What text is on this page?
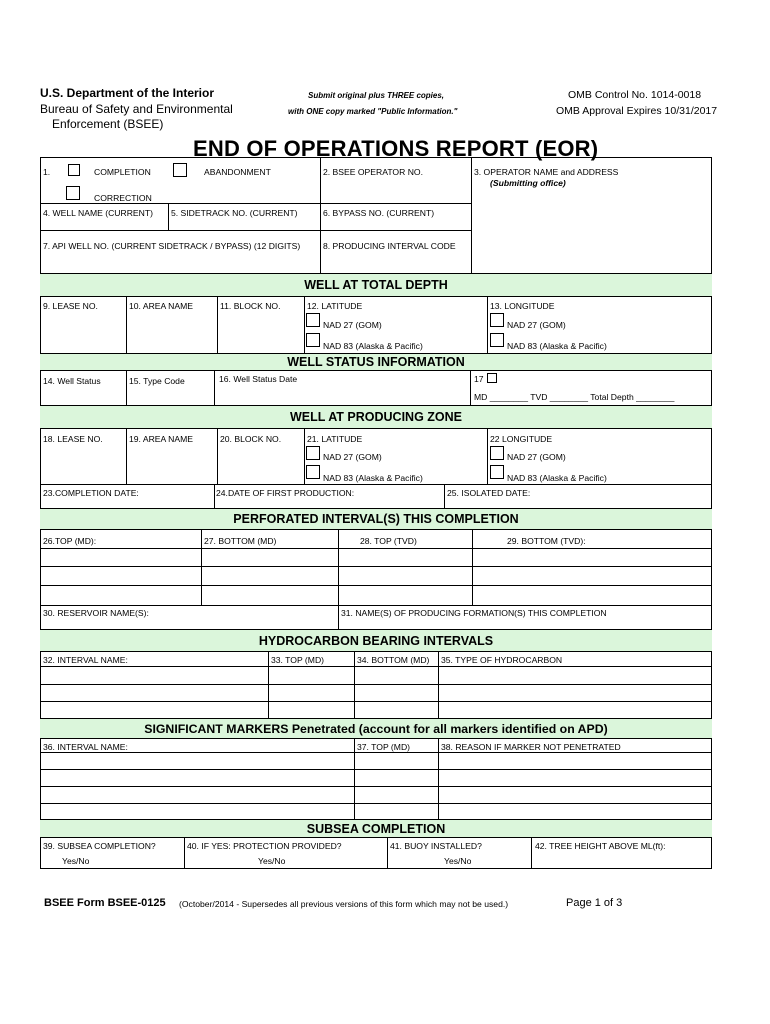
U.S. Department of the Interior
Bureau of Safety and Environmental
Enforcement (BSEE)
Submit original plus THREE copies,
with ONE copy marked "Public Information."
OMB Control No. 1014-0018
OMB Approval Expires 10/31/2017
END OF OPERATIONS REPORT (EOR)
1.	COMPLETION	ABANDONMENT
CORRECTION
2. BSEE OPERATOR NO.	3. OPERATOR NAME and ADDRESS
(Submitting office)
4. WELL NAME (CURRENT) 5. SIDETRACK NO. (CURRENT)	6. BYPASS NO. (CURRENT)
7. API WELL NO. (CURRENT SIDETRACK / BYPASS) (12 DIGITS)	8. PRODUCING INTERVAL CODE
WELL AT TOTAL DEPTH
9. LEASE NO.	10. AREA NAME	11. BLOCK NO.	12. LATITUDE	13. LONGITUDE
NAD 27 (GOM)
NAD 83 (Alaska & Pacific)
NAD 27 (GOM)
NAD 83 (Alaska & Pacific)
WELL STATUS INFORMATION
14. Well Status	15. Type Code	16. Well Status Date	17
MD ________ TVD ________ Total Depth ________
WELL AT PRODUCING ZONE
18. LEASE NO.	19. AREA NAME	20. BLOCK NO.	21. LATITUDE	22 LONGITUDE
NAD 27 (GOM)
NAD 83 (Alaska & Pacific)
NAD 27 (GOM)
NAD 83 (Alaska & Pacific)
23.COMPLETION DATE:	24.DATE OF FIRST PRODUCTION:	25. ISOLATED DATE:
PERFORATED INTERVAL(S) THIS COMPLETION
26.TOP (MD):	27. BOTTOM (MD)	28. TOP (TVD)	29. BOTTOM (TVD):
30. RESERVOIR NAME(S):	31. NAME(S) OF PRODUCING FORMATION(S) THIS COMPLETION
HYDROCARBON BEARING INTERVALS
32. INTERVAL NAME:	33. TOP (MD)	34. BOTTOM (MD) 35. TYPE OF HYDROCARBON
SIGNIFICANT MARKERS Penetrated (account for all markers identified on APD)
36. INTERVAL NAME:	37. TOP (MD)	38. REASON IF MARKER NOT PENETRATED
SUBSEA COMPLETION
39. SUBSEA COMPLETION?
Yes/No
40. IF YES: PROTECTION PROVIDED?
Yes/No
41. BUOY INSTALLED?
Yes/No
42. TREE HEIGHT ABOVE ML(ft):
BSEE Form BSEE-0125 (October/2014 - Supersedes all previous versions of this form which may not be used.)	Page 1 of 3
